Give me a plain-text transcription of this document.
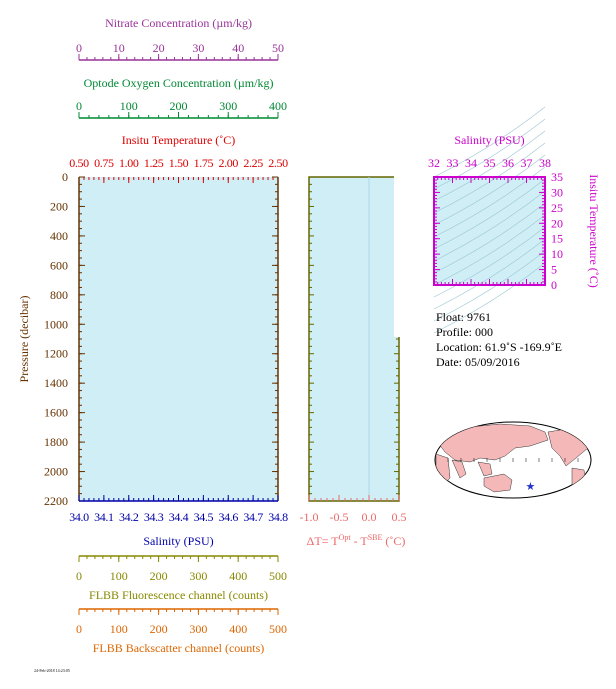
0	10 20 30 40 50
Nitrate Concentration (µm/kg)
0	100	200	300	400
Optode Oxygen Concentration (µm/kg)
Insitu Temperature (˚C)
0.50 0.75 1.00 1.25 1.50 1.75 2.00 2.25 2.50
0
200
400
600
800
1000
1200
1400
1600
1800
2000
2200
Pressure (decibar)
34.0 34.1 34.2 34.3 34.4 34.5 34.6 34.7 34.8
Salinity (PSU)
0 100 200 300 400 500
FLBB Fluorescence channel (counts)
0 100 200 300 400 500
FLBB Backscatter channel (counts)
-1.0 -0.5 0.0 0.5
$\Delta T= T^{Opt} - T^{SBE}$ (˚C)
32 33 34 35 36 37 38
Salinity (PSU)
0
5
10
15
20
25
30
35 Insitu Temperature (˚C)
★
Float: 9761
Profile: 000
Location: 61.9˚S -169.9˚E
Date: 05/09/2016
24-Feb-2018 14:23:05
